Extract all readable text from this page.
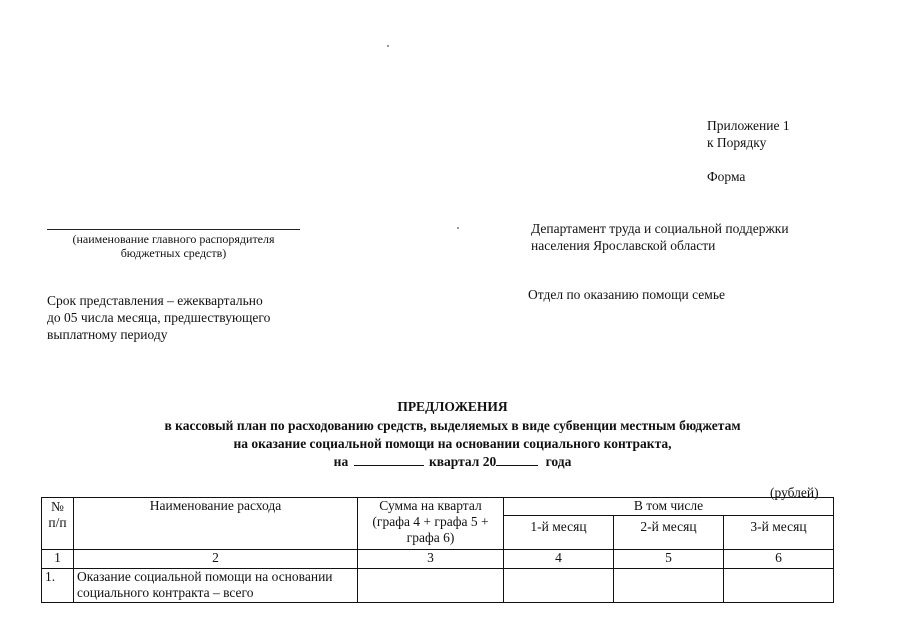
Приложение 1
к Порядку
Форма
(наименование главного распорядителя
бюджетных средств)
Департамент труда и социальной поддержки
населения Ярославской области
Срок представления – ежеквартально
до 05 числа месяца, предшествующего
выплатному периоду
Отдел по оказанию помощи семье
ПРЕДЛОЖЕНИЯ
в кассовый план по расходованию средств, выделяемых в виде субвенции местным бюджетам
на оказание социальной помощи на основании социального контракта,
на	квартал 20	года
(рублей)
№ п/п	Наименование расхода	Сумма на квартал (графа 4 + графа 5 + графа 6)	В том числе		
			1-й месяц	2-й месяц	3-й месяц
1	2	3	4	5	6
1.	Оказание социальной помощи на основании социального контракта – всего				
